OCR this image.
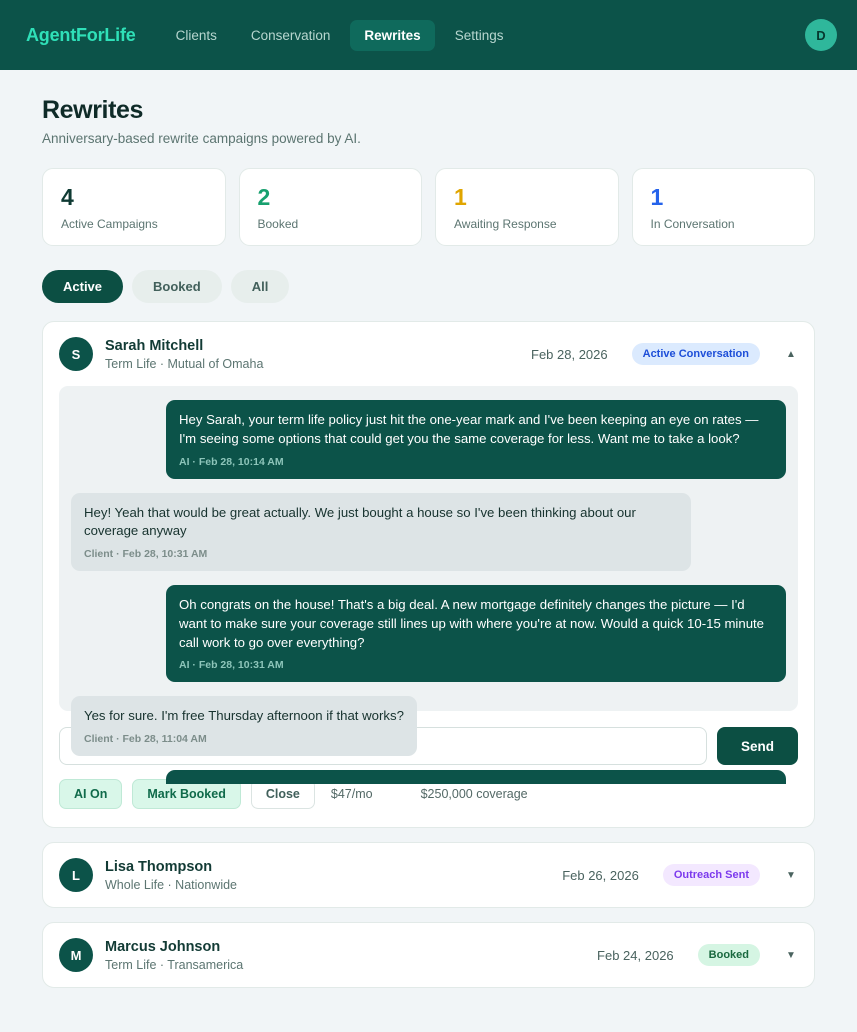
AgentForLife	Clients	Conservation	Rewrites	Settings	D
Rewrites

Anniversary-based rewrite campaigns powered by AI.

4
Active Campaigns
2
Booked
1
Awaiting Response
1
In Conversation
Active	Booked	All
S
Sarah Mitchell
Term Life · Mutual of Omaha
Feb 28, 2026	Active Conversation	▲
Hey Sarah, your term life policy just hit the one-year mark and I've been keeping an eye on rates — I'm seeing some options that could get you the same coverage for less. Want me to take a look?
AI · Feb 28, 10:14 AM
Hey! Yeah that would be great actually. We just bought a house so I've been thinking about our coverage anyway
Client · Feb 28, 10:31 AM
Oh congrats on the house! That's a big deal. A new mortgage definitely changes the picture — I'd want to make sure your coverage still lines up with where you're at now. Would a quick 10-15 minute call work to go over everything?
AI · Feb 28, 10:31 AM
Yes for sure. I'm free Thursday afternoon if that works?
Client · Feb 28, 11:04 AM
Type a manual message...	Send
AI On	Mark Booked	Close	$47/mo	$250,000 coverage
L
Lisa Thompson
Whole Life · Nationwide
Feb 26, 2026	Outreach Sent	▼
M
Marcus Johnson
Term Life · Transamerica
Feb 24, 2026	Booked	▼
